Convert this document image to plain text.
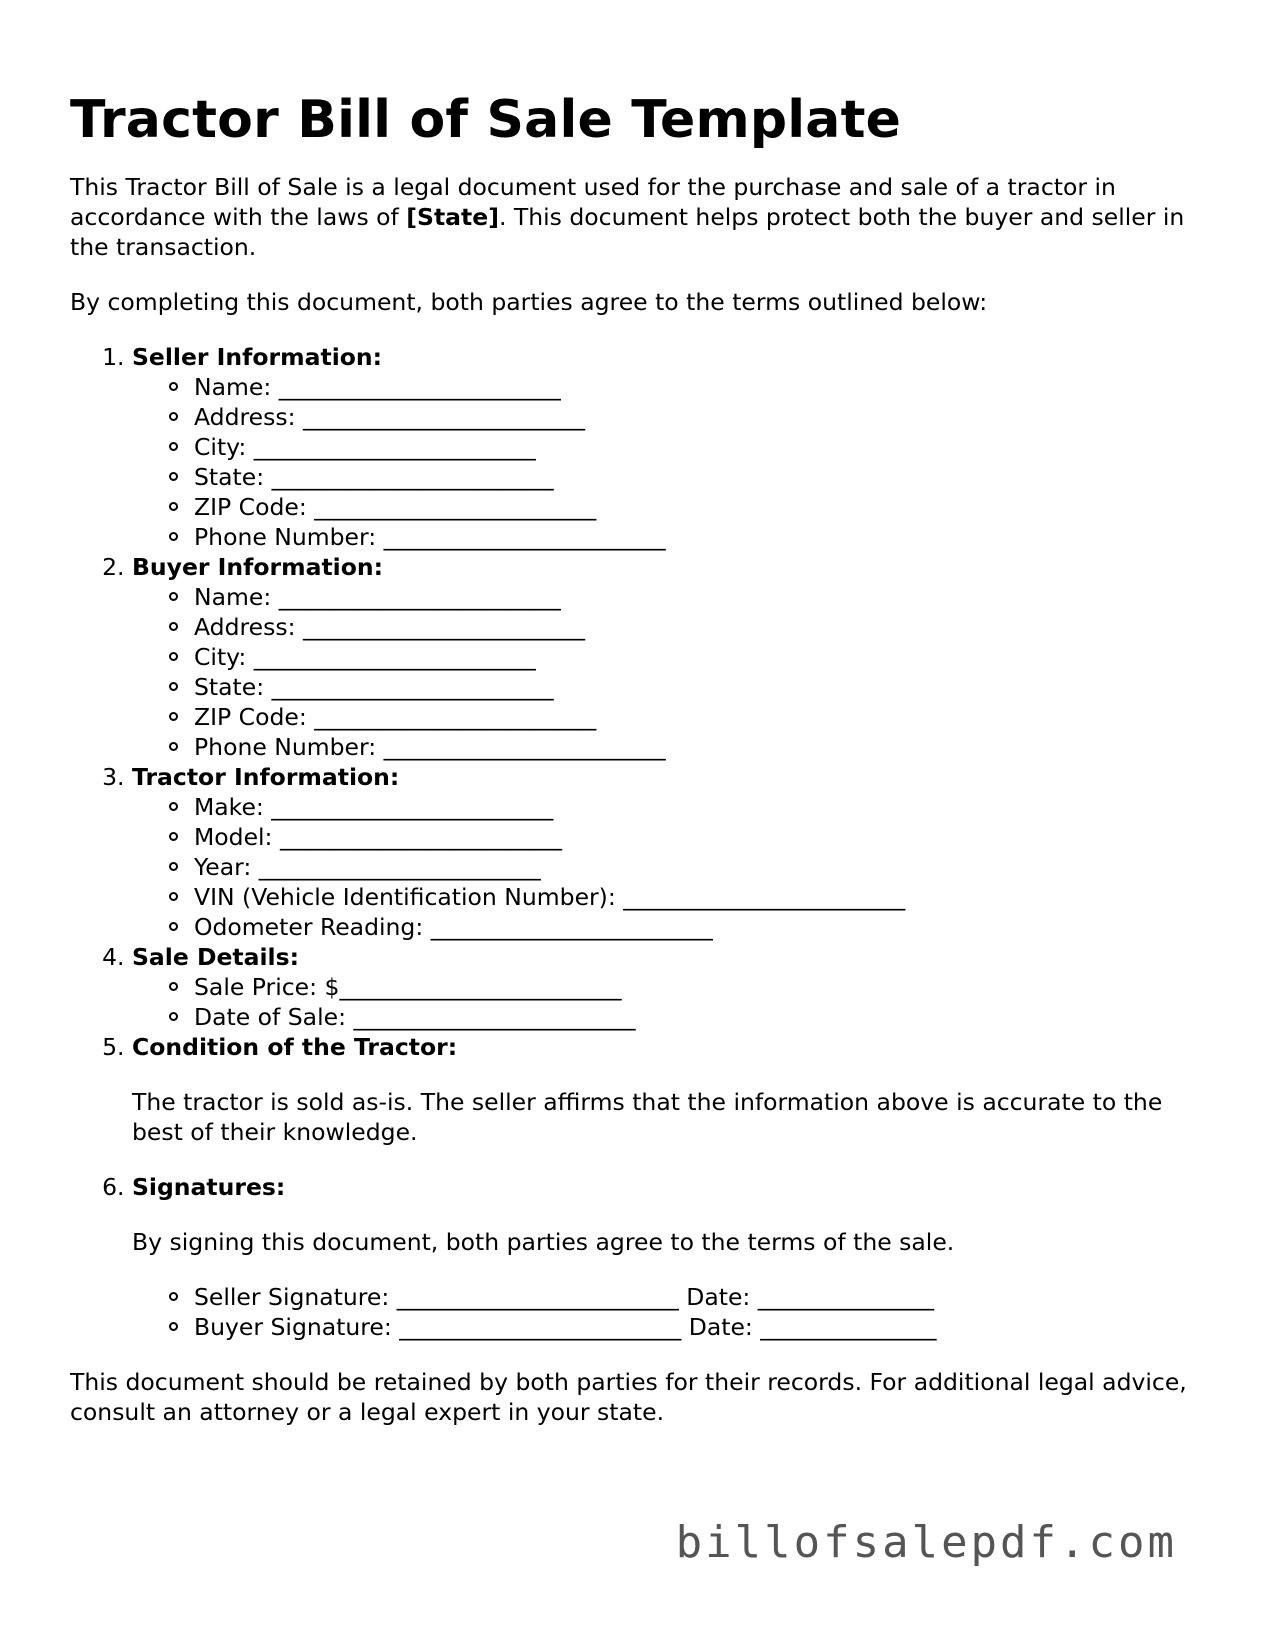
Tractor Bill of Sale Template

This Tractor Bill of Sale is a legal document used for the purchase and sale of a tractor in accordance with the laws of [State]. This document helps protect both the buyer and seller in the transaction.

By completing this document, both parties agree to the terms outlined below:

1. Seller Information:
Name: ________________________
Address: ________________________
City: ________________________
State: ________________________
ZIP Code: ________________________
Phone Number: ________________________
2. Buyer Information:
Name: ________________________
Address: ________________________
City: ________________________
State: ________________________
ZIP Code: ________________________
Phone Number: ________________________
3. Tractor Information:
Make: ________________________
Model: ________________________
Year: ________________________
VIN (Vehicle Identification Number): ________________________
Odometer Reading: ________________________
4. Sale Details:
Sale Price: $________________________
Date of Sale: ________________________
5. Condition of the Tractor:

The tractor is sold as-is. The seller affirms that the information above is accurate to the best of their knowledge.

6. Signatures:

By signing this document, both parties agree to the terms of the sale.

Seller Signature: ________________________ Date: _______________
Buyer Signature: ________________________ Date: _______________

This document should be retained by both parties for their records. For additional legal advice, consult an attorney or a legal expert in your state.

billofsalepdf.com
